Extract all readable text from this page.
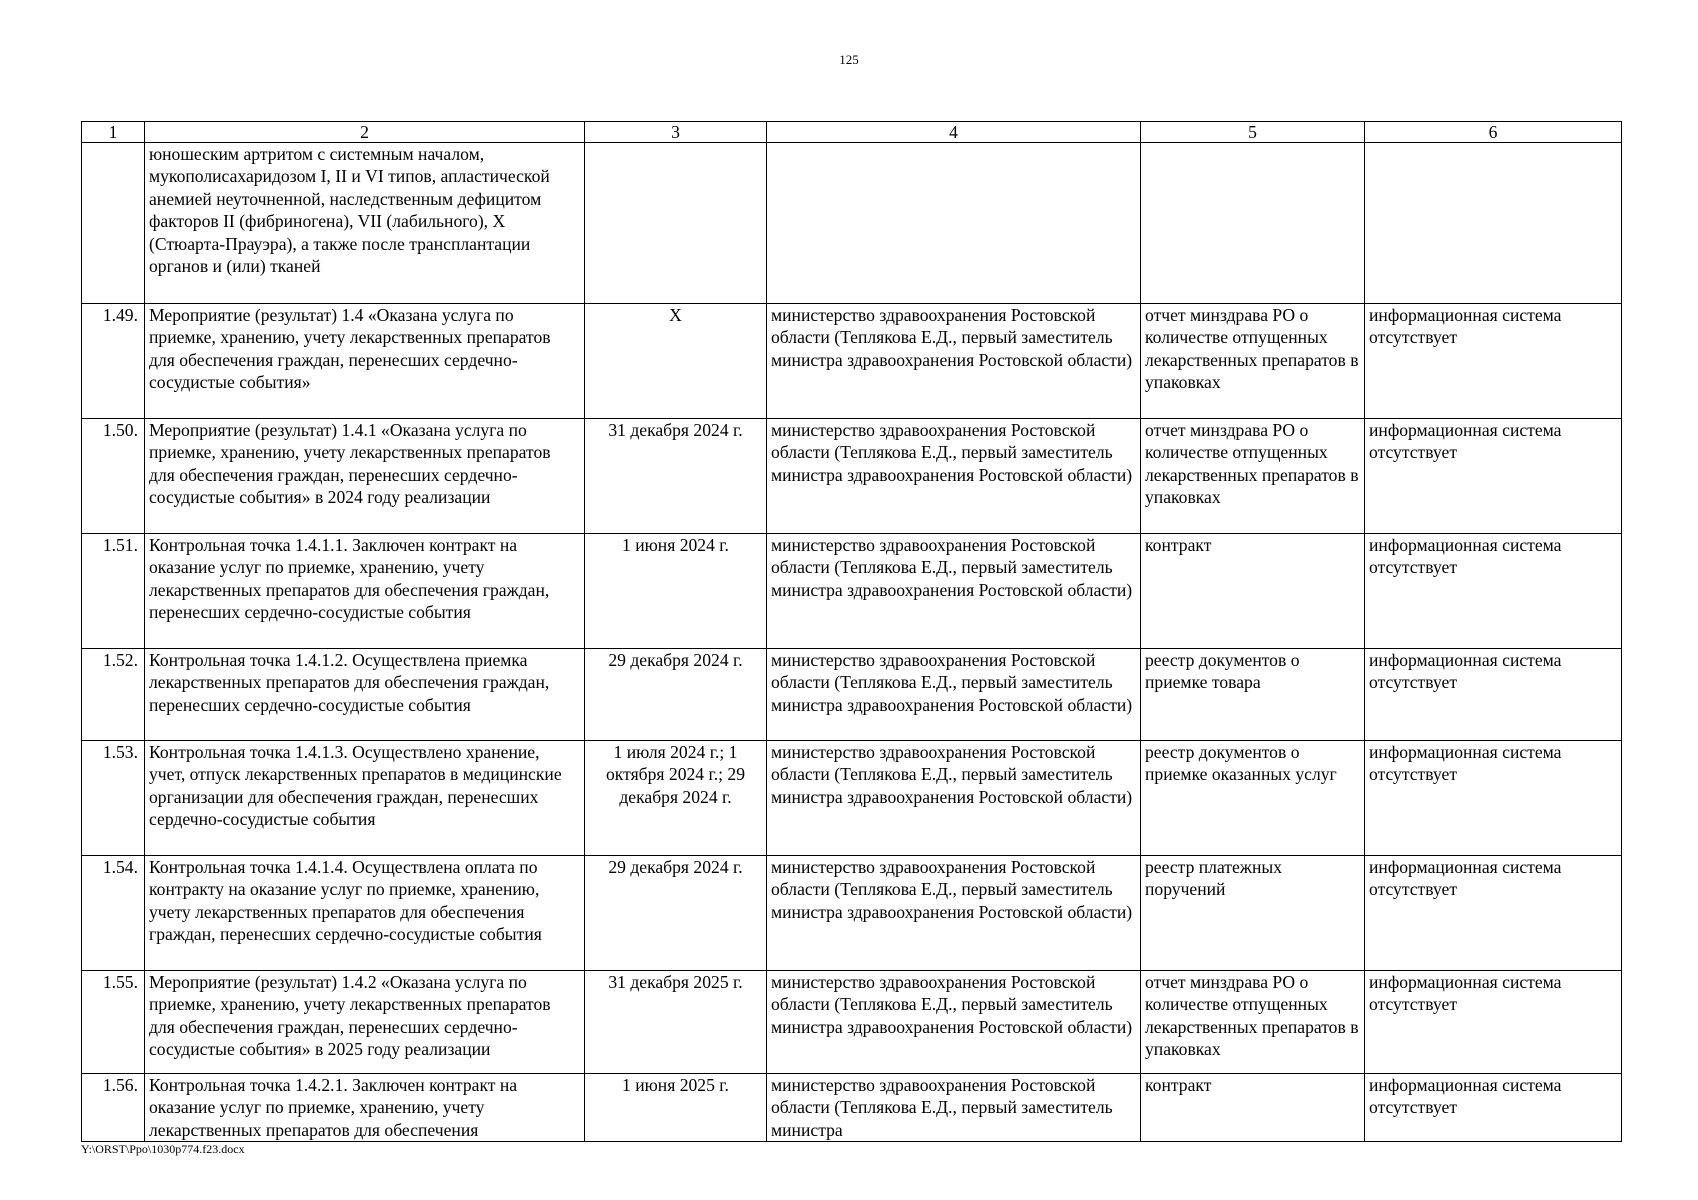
125
1	2	3	4	5	6
	юношеским артритом с системным началом, мукополисахаридозом I, II и VI типов, апластической анемией неуточненной, наследственным дефицитом факторов II (фибриногена), VII (лабильного), X (Стюарта-Прауэра), а также после трансплантации органов и (или) тканей				
1.49.	Мероприятие (результат) 1.4 «Оказана услуга по приемке, хранению, учету лекарственных препаратов для обеспечения граждан, перенесших сердечно-сосудистые события»	X	министерство здравоохранения Ростовской области (Теплякова Е.Д., первый заместитель министра здравоохранения Ростовской области)	отчет минздрава РО о количестве отпущенных лекарственных препаратов в упаковках	информационная система отсутствует
1.50.	Мероприятие (результат) 1.4.1 «Оказана услуга по приемке, хранению, учету лекарственных препаратов для обеспечения граждан, перенесших сердечно-сосудистые события» в 2024 году реализации	31 декабря 2024 г.	министерство здравоохранения Ростовской области (Теплякова Е.Д., первый заместитель министра здравоохранения Ростовской области)	отчет минздрава РО о количестве отпущенных лекарственных препаратов в упаковках	информационная система отсутствует
1.51.	Контрольная точка 1.4.1.1. Заключен контракт на оказание услуг по приемке, хранению, учету лекарственных препаратов для обеспечения граждан, перенесших сердечно-сосудистые события	1 июня 2024 г.	министерство здравоохранения Ростовской области (Теплякова Е.Д., первый заместитель министра здравоохранения Ростовской области)	контракт	информационная система отсутствует
1.52.	Контрольная точка 1.4.1.2. Осуществлена приемка лекарственных препаратов для обеспечения граждан, перенесших сердечно-сосудистые события	29 декабря 2024 г.	министерство здравоохранения Ростовской области (Теплякова Е.Д., первый заместитель министра здравоохранения Ростовской области)	реестр документов о приемке товара	информационная система отсутствует
1.53.	Контрольная точка 1.4.1.3. Осуществлено хранение, учет, отпуск лекарственных препаратов в медицинские организации для обеспечения граждан, перенесших сердечно-сосудистые события	1 июля 2024 г.; 1 октября 2024 г.; 29 декабря 2024 г.	министерство здравоохранения Ростовской области (Теплякова Е.Д., первый заместитель министра здравоохранения Ростовской области)	реестр документов о приемке оказанных услуг	информационная система отсутствует
1.54.	Контрольная точка 1.4.1.4. Осуществлена оплата по контракту на оказание услуг по приемке, хранению, учету лекарственных препаратов для обеспечения граждан, перенесших сердечно-сосудистые события	29 декабря 2024 г.	министерство здравоохранения Ростовской области (Теплякова Е.Д., первый заместитель министра здравоохранения Ростовской области)	реестр платежных поручений	информационная система отсутствует
1.55.	Мероприятие (результат) 1.4.2 «Оказана услуга по приемке, хранению, учету лекарственных препаратов для обеспечения граждан, перенесших сердечно-сосудистые события» в 2025 году реализации	31 декабря 2025 г.	министерство здравоохранения Ростовской области (Теплякова Е.Д., первый заместитель министра здравоохранения Ростовской области)	отчет минздрава РО о количестве отпущенных лекарственных препаратов в упаковках	информационная система отсутствует
1.56.	Контрольная точка 1.4.2.1. Заключен контракт на оказание услуг по приемке, хранению, учету лекарственных препаратов для обеспечения	1 июня 2025 г.	министерство здравоохранения Ростовской области (Теплякова Е.Д., первый заместитель министра	контракт	информационная система отсутствует
Y:\ORST\Ppo\1030p774.f23.docx
